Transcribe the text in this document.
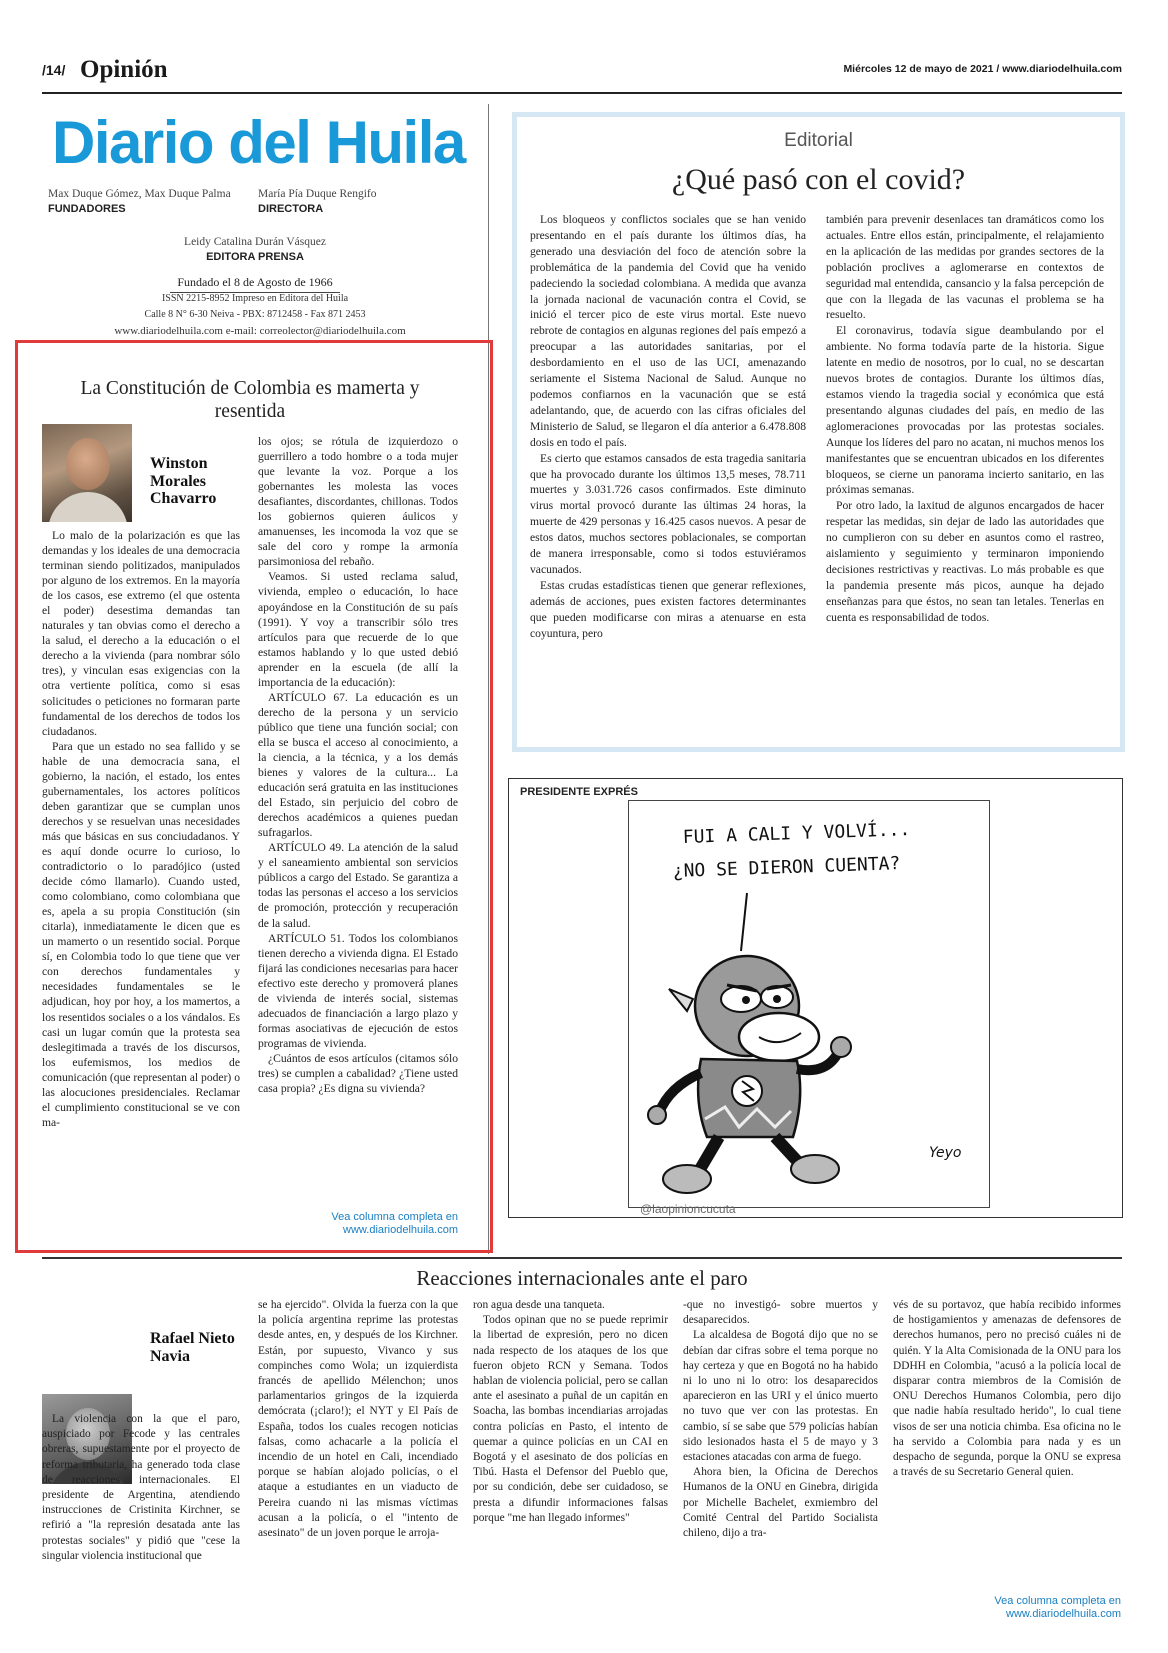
/14/ Opinión	Miércoles 12 de mayo de 2021 / www.diariodelhuila.com
Diario del Huila
Max Duque Gómez, Max Duque Palma
FUNDADORES
María Pía Duque Rengifo
DIRECTORA
Leidy Catalina Durán Vásquez
EDITORA PRENSA
Fundado el 8 de Agosto de 1966
ISSN 2215-8952 Impreso en Editora del Huila
Calle 8 N° 6-30 Neiva - PBX: 8712458 - Fax 871 2453
www.diariodelhuila.com e-mail: correolector@diariodelhuila.com
La Constitución de Colombia es mamerta y resentida
Winston Morales Chavarro

Lo malo de la polarización es que las demandas y los ideales de una democracia terminan siendo politizados, manipulados por alguno de los extremos. En la mayoría de los casos, ese extremo (el que ostenta el poder) desestima demandas tan naturales y tan obvias como el derecho a la salud, el derecho a la educación o el derecho a la vivienda (para nombrar sólo tres), y vinculan esas exigencias con la otra vertiente política, como si esas solicitudes o peticiones no formaran parte fundamental de los derechos de todos los ciudadanos.

Para que un estado no sea fallido y se hable de una democracia sana, el gobierno, la nación, el estado, los entes gubernamentales, los actores políticos deben garantizar que se cumplan unos derechos y se resuelvan unas necesidades más que básicas en sus conciudadanos. Y es aquí donde ocurre lo curioso, lo contradictorio o lo paradójico (usted decide cómo llamarlo). Cuando usted, como colombiano, como colombiana que es, apela a su propia Constitución (sin citarla), inmediatamente le dicen que es un mamerto o un resentido social. Porque sí, en Colombia todo lo que tiene que ver con derechos fundamentales y necesidades fundamentales se le adjudican, hoy por hoy, a los mamertos, a los resentidos sociales o a los vándalos. Es casi un lugar común que la protesta sea deslegitimada a través de los discursos, los eufemismos, los medios de comunicación (que representan al poder) o las alocuciones presidenciales. Reclamar el cumplimiento constitucional se ve con ma-

los ojos; se rótula de izquierdozo o guerrillero a todo hombre o a toda mujer que levante la voz. Porque a los gobernantes les molesta las voces desafiantes, discordantes, chillonas. Todos los gobiernos quieren áulicos y amanuenses, les incomoda la voz que se sale del coro y rompe la armonía parsimoniosa del rebaño.

Veamos. Si usted reclama salud, vivienda, empleo o educación, lo hace apoyándose en la Constitución de su país (1991). Y voy a transcribir sólo tres artículos para que recuerde de lo que estamos hablando y lo que usted debió aprender en la escuela (de allí la importancia de la educación):

ARTÍCULO 67. La educación es un derecho de la persona y un servicio público que tiene una función social; con ella se busca el acceso al conocimiento, a la ciencia, a la técnica, y a los demás bienes y valores de la cultura... La educación será gratuita en las instituciones del Estado, sin perjuicio del cobro de derechos académicos a quienes puedan sufragarlos.

ARTÍCULO 49. La atención de la salud y el saneamiento ambiental son servicios públicos a cargo del Estado. Se garantiza a todas las personas el acceso a los servicios de promoción, protección y recuperación de la salud.

ARTÍCULO 51. Todos los colombianos tienen derecho a vivienda digna. El Estado fijará las condiciones necesarias para hacer efectivo este derecho y promoverá planes de vivienda de interés social, sistemas adecuados de financiación a largo plazo y formas asociativas de ejecución de estos programas de vivienda.

¿Cuántos de esos artículos (citamos sólo tres) se cumplen a cabalidad? ¿Tiene usted casa propia? ¿Es digna su vivienda?

Vea columna completa en
www.diariodelhuila.com
Editorial
¿Qué pasó con el covid?

Los bloqueos y conflictos sociales que se han venido presentando en el país durante los últimos días, ha generado una desviación del foco de atención sobre la problemática de la pandemia del Covid que ha venido padeciendo la sociedad colombiana. A medida que avanza la jornada nacional de vacunación contra el Covid, se inició el tercer pico de este virus mortal. Este nuevo rebrote de contagios en algunas regiones del país empezó a preocupar a las autoridades sanitarias, por el desbordamiento en el uso de las UCI, amenazando seriamente el Sistema Nacional de Salud. Aunque no podemos confiarnos en la vacunación que se está adelantando, que, de acuerdo con las cifras oficiales del Ministerio de Salud, se llegaron el día anterior a 6.478.808 dosis en todo el país.

Es cierto que estamos cansados de esta tragedia sanitaria que ha provocado durante los últimos 13,5 meses, 78.711 muertes y 3.031.726 casos confirmados. Este diminuto virus mortal provocó durante las últimas 24 horas, la muerte de 429 personas y 16.425 casos nuevos. A pesar de estos datos, muchos sectores poblacionales, se comportan de manera irresponsable, como si todos estuviéramos vacunados.

Estas crudas estadísticas tienen que generar reflexiones, además de acciones, pues existen factores determinantes que pueden modificarse con miras a atenuarse en esta coyuntura, pero

también para prevenir desenlaces tan dramáticos como los actuales. Entre ellos están, principalmente, el relajamiento en la aplicación de las medidas por grandes sectores de la población proclives a aglomerarse en contextos de seguridad mal entendida, cansancio y la falsa percepción de que con la llegada de las vacunas el problema se ha resuelto.

El coronavirus, todavía sigue deambulando por el ambiente. No forma todavía parte de la historia. Sigue latente en medio de nosotros, por lo cual, no se descartan nuevos brotes de contagios. Durante los últimos días, estamos viendo la tragedia social y económica que está presentando algunas ciudades del país, en medio de las aglomeraciones provocadas por las protestas sociales. Aunque los líderes del paro no acatan, ni muchos menos los manifestantes que se encuentran ubicados en los diferentes bloqueos, se cierne un panorama incierto sanitario, en las próximas semanas.

Por otro lado, la laxitud de algunos encargados de hacer respetar las medidas, sin dejar de lado las autoridades que no cumplieron con su deber en asuntos como el rastreo, aislamiento y seguimiento y terminaron imponiendo decisiones restrictivas y reactivas. Lo más probable es que la pandemia presente más picos, aunque ha dejado enseñanzas para que éstos, no sean tan letales. Tenerlas en cuenta es responsabilidad de todos.

PRESIDENTE EXPRÉS
FUI A CALI Y VOLVÍ...
¿NO SE DIERON CUENTA?
Yeyo
@laopinioncucuta
Reacciones internacionales ante el paro
Rafael Nieto Navia

La violencia con la que el paro, auspiciado por Fecode y las centrales obreras, supuestamente por el proyecto de reforma tributaria, ha generado toda clase de reacciones internacionales. El presidente de Argentina, atendiendo instrucciones de Cristinita Kirchner, se refirió a "la represión desatada ante las protestas sociales" y pidió que "cese la singular violencia institucional que

se ha ejercido". Olvida la fuerza con la que la policía argentina reprime las protestas desde antes, en, y después de los Kirchner. Están, por supuesto, Vivanco y sus compinches como Wola; un izquierdista francés de apellido Mélenchon; unos parlamentarios gringos de la izquierda demócrata (¡claro!); el NYT y El País de España, todos los cuales recogen noticias falsas, como achacarle a la policía el incendio de un hotel en Cali, incendiado porque se habían alojado policías, o el ataque a estudiantes en un viaducto de Pereira cuando ni las mismas víctimas acusan a la policía, o el "intento de asesinato" de un joven porque le arroja-

ron agua desde una tanqueta.

Todos opinan que no se puede reprimir la libertad de expresión, pero no dicen nada respecto de los ataques de los que fueron objeto RCN y Semana. Todos hablan de violencia policial, pero se callan ante el asesinato a puñal de un capitán en Soacha, las bombas incendiarias arrojadas contra policías en Pasto, el intento de quemar a quince policías en un CAI en Bogotá y el asesinato de dos policías en Tibú. Hasta el Defensor del Pueblo que, por su condición, debe ser cuidadoso, se presta a difundir informaciones falsas porque "me han llegado informes"

-que no investigó- sobre muertos y desaparecidos.

La alcaldesa de Bogotá dijo que no se debían dar cifras sobre el tema porque no hay certeza y que en Bogotá no ha habido ni lo uno ni lo otro: los desaparecidos aparecieron en las URI y el único muerto no tuvo que ver con las protestas. En cambio, sí se sabe que 579 policías habían sido lesionados hasta el 5 de mayo y 3 estaciones atacadas con arma de fuego.

Ahora bien, la Oficina de Derechos Humanos de la ONU en Ginebra, dirigida por Michelle Bachelet, exmiembro del Comité Central del Partido Socialista chileno, dijo a tra-

vés de su portavoz, que había recibido informes de hostigamientos y amenazas de defensores de derechos humanos, pero no precisó cuáles ni de quién. Y la Alta Comisionada de la ONU para los DDHH en Colombia, "acusó a la policía local de disparar contra miembros de la Comisión de ONU Derechos Humanos Colombia, pero dijo que nadie había resultado herido", lo cual tiene visos de ser una noticia chimba. Esa oficina no le ha servido a Colombia para nada y es un despacho de segunda, porque la ONU se expresa a través de su Secretario General quien.

Vea columna completa en
www.diariodelhuila.com
